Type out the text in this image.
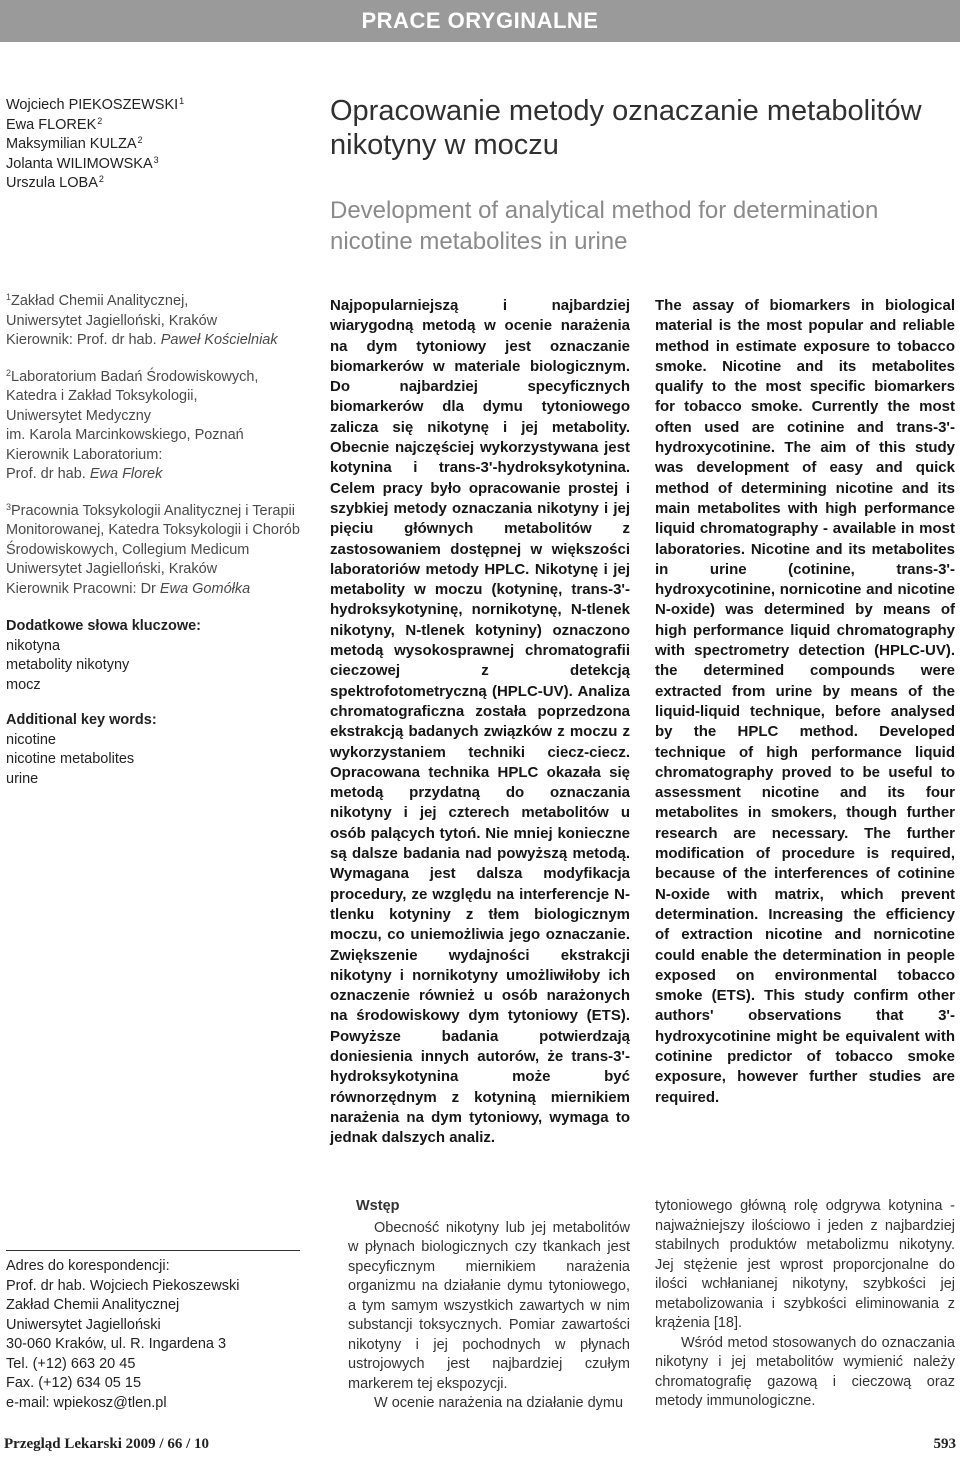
PRACE ORYGINALNE
Wojciech PIEKOSZEWSKI$^1$
Ewa FLOREK$^2$
Maksymilian KULZA$^2$
Jolanta WILIMOWSKA$^3$
Urszula LOBA$^2$
Opracowanie metody oznaczanie metabolitów nikotyny w moczu
Development of analytical method for determination nicotine metabolites in urine

$^1$Zakład Chemii Analitycznej,
Uniwersytet Jagielloński, Kraków
Kierownik: Prof. dr hab. Paweł Kościelniak

$^2$Laboratorium Badań Środowiskowych,
Katedra i Zakład Toksykologii,
Uniwersytet Medyczny
im. Karola Marcinkowskiego, Poznań
Kierownik Laboratorium:
Prof. dr hab. Ewa Florek

$^3$Pracownia Toksykologii Analitycznej i Terapii
Monitorowanej, Katedra Toksykologii i Chorób
Środowiskowych, Collegium Medicum
Uniwersytet Jagielloński, Kraków
Kierownik Pracowni: Dr Ewa Gomółka

Dodatkowe słowa kluczowe:
nikotyna
metabolity nikotyny
mocz
Additional key words:
nicotine
nicotine metabolites
urine
Najpopularniejszą i najbardziej wiarygodną metodą w ocenie narażenia na dym tytoniowy jest oznaczanie biomarkerów w materiale biologicznym. Do najbardziej specyficznych biomarkerów dla dymu tytoniowego zalicza się nikotynę i jej metabolity. Obecnie najczęściej wykorzystywana jest kotynina i trans-3'-hydroksykotynina. Celem pracy było opracowanie prostej i szybkiej metody oznaczania nikotyny i jej pięciu głównych metabolitów z zastosowaniem dostępnej w większości laboratoriów metody HPLC. Nikotynę i jej metabolity w moczu (kotyninę, trans-3'-hydroksykotyninę, nornikotynę, N-tlenek nikotyny, N-tlenek kotyniny) oznaczono metodą wysokosprawnej chromatografii cieczowej z detekcją spektrofotometryczną (HPLC-UV). Analiza chromatograficzna została poprzedzona ekstrakcją badanych związków z moczu z wykorzystaniem techniki ciecz-ciecz. Opracowana technika HPLC okazała się metodą przydatną do oznaczania nikotyny i jej czterech metabolitów u osób palących tytoń. Nie mniej konieczne są dalsze badania nad powyższą metodą. Wymagana jest dalsza modyfikacja procedury, ze względu na interferencje N-tlenku kotyniny z tłem biologicznym moczu, co uniemożliwia jego oznaczanie. Zwiększenie wydajności ekstrakcji nikotyny i nornikotyny umożliwiłoby ich oznaczenie również u osób narażonych na środowiskowy dym tytoniowy (ETS). Powyższe badania potwierdzają doniesienia innych autorów, że trans-3'-hydroksykotynina może być równorzędnym z kotyniną miernikiem narażenia na dym tytoniowy, wymaga to jednak dalszych analiz.
The assay of biomarkers in biological material is the most popular and reliable method in estimate exposure to tobacco smoke. Nicotine and its metabolites qualify to the most specific biomarkers for tobacco smoke. Currently the most often used are cotinine and trans-3'-hydroxycotinine. The aim of this study was development of easy and quick method of determining nicotine and its main metabolites with high performance liquid chromatography - available in most laboratories. Nicotine and its metabolites in urine (cotinine, trans-3'-hydroxycotinine, nornicotine and nicotine N-oxide) was determined by means of high performance liquid chromatography with spectrometry detection (HPLC-UV). the determined compounds were extracted from urine by means of the liquid-liquid technique, before analysed by the HPLC method. Developed technique of high performance liquid chromatography proved to be useful to assessment nicotine and its four metabolites in smokers, though further research are necessary. The further modification of procedure is required, because of the interferences of cotinine N-oxide with matrix, which prevent determination. Increasing the efficiency of extraction nicotine and nornicotine could enable the determination in people exposed on environmental tobacco smoke (ETS). This study confirm other authors' observations that 3'-hydroxycotinine might be equivalent with cotinine predictor of tobacco smoke exposure, however further studies are required.
Adres do korespondencji:
Prof. dr hab. Wojciech Piekoszewski
Zakład Chemii Analitycznej
Uniwersytet Jagielloński
30-060 Kraków, ul. R. Ingardena 3
Tel. (+12) 663 20 45
Fax. (+12) 634 05 15
e-mail: wpiekosz@tlen.pl
Wstęp

Obecność nikotyny lub jej metabolitów w płynach biologicznych czy tkankach jest specyficznym miernikiem narażenia organizmu na działanie dymu tytoniowego, a tym samym wszystkich zawartych w nim substancji toksycznych. Pomiar zawartości nikotyny i jej pochodnych w płynach ustrojowych jest najbardziej czułym markerem tej ekspozycji.

W ocenie narażenia na działanie dymu

tytoniowego główną rolę odgrywa kotynina - najważniejszy ilościowo i jeden z najbardziej stabilnych produktów metabolizmu nikotyny. Jej stężenie jest wprost proporcjonalne do ilości wchłanianej nikotyny, szybkości jej metabolizowania i szybkości eliminowania z krążenia [18].

Wśród metod stosowanych do oznaczania nikotyny i jej metabolitów wymienić należy chromatografię gazową i cieczową oraz metody immunologiczne.

Przegląd Lekarski 2009 / 66 / 10	593
